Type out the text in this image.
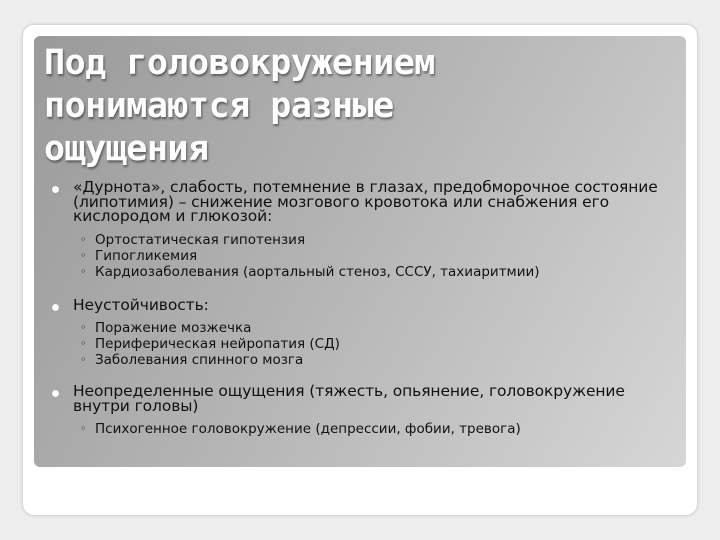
Под головокружением
понимаются разные
ощущения
«Дурнота», слабость, потемнение в глазах, предобморочное состояние (липотимия) – снижение мозгового кровотока или снабжения его кислородом и глюкозой:
◦ Ортостатическая гипотензия
◦ Гипогликемия
◦ Кардиозаболевания (аортальный стеноз, СССУ, тахиаритмии)
Неустойчивость:
◦ Поражение мозжечка
◦ Периферическая нейропатия (СД)
◦ Заболевания спинного мозга
Неопределенные ощущения (тяжесть, опьянение, головокружение внутри головы)
◦ Психогенное головокружение (депрессии, фобии, тревога)
